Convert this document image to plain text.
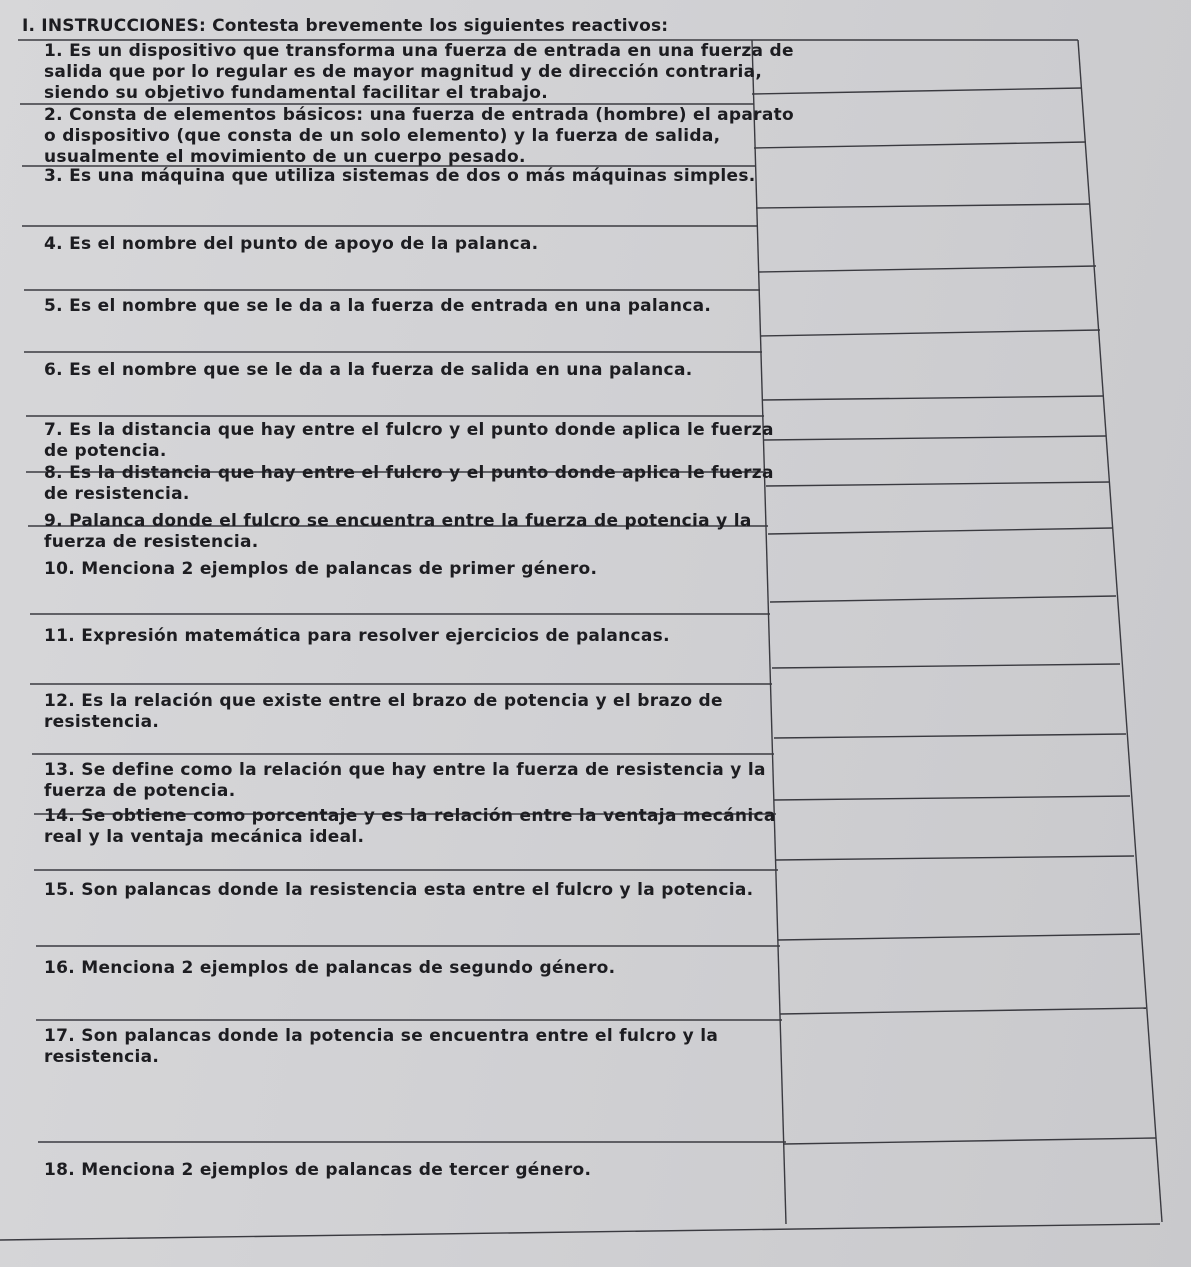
I. INSTRUCCIONES: Contesta brevemente los siguientes reactivos:
1. Es un dispositivo que transforma una fuerza de entrada en una fuerza de
salida que por lo regular es de mayor magnitud y de dirección contraria,
siendo su objetivo fundamental facilitar el trabajo.
2. Consta de elementos básicos: una fuerza de entrada (hombre) el aparato
o dispositivo (que consta de un solo elemento) y la fuerza de salida,
usualmente el movimiento de un cuerpo pesado.
3. Es una máquina que utiliza sistemas de dos o más máquinas simples.
4. Es el nombre del punto de apoyo de la palanca.
5. Es el nombre que se le da a la fuerza de entrada en una palanca.
6. Es el nombre que se le da a la fuerza de salida en una palanca.
7. Es la distancia que hay entre el fulcro y el punto donde aplica le fuerza
de potencia.
8. Es la distancia que hay entre el fulcro y el punto donde aplica le fuerza
de resistencia.
9. Palanca donde el fulcro se encuentra entre la fuerza de potencia y la
fuerza de resistencia.
10. Menciona 2 ejemplos de palancas de primer género.
11. Expresión matemática para resolver ejercicios de palancas.
12. Es la relación que existe entre el brazo de potencia y el brazo de
resistencia.
13. Se define como la relación que hay entre la fuerza de resistencia y la
fuerza de potencia.
14. Se obtiene como porcentaje y es la relación entre la ventaja mecánica
real y la ventaja mecánica ideal.
15. Son palancas donde la resistencia esta entre el fulcro y la potencia.
16. Menciona 2 ejemplos de palancas de segundo género.
17. Son palancas donde la potencia se encuentra entre el fulcro y la
resistencia.
18. Menciona 2 ejemplos de palancas de tercer género.
